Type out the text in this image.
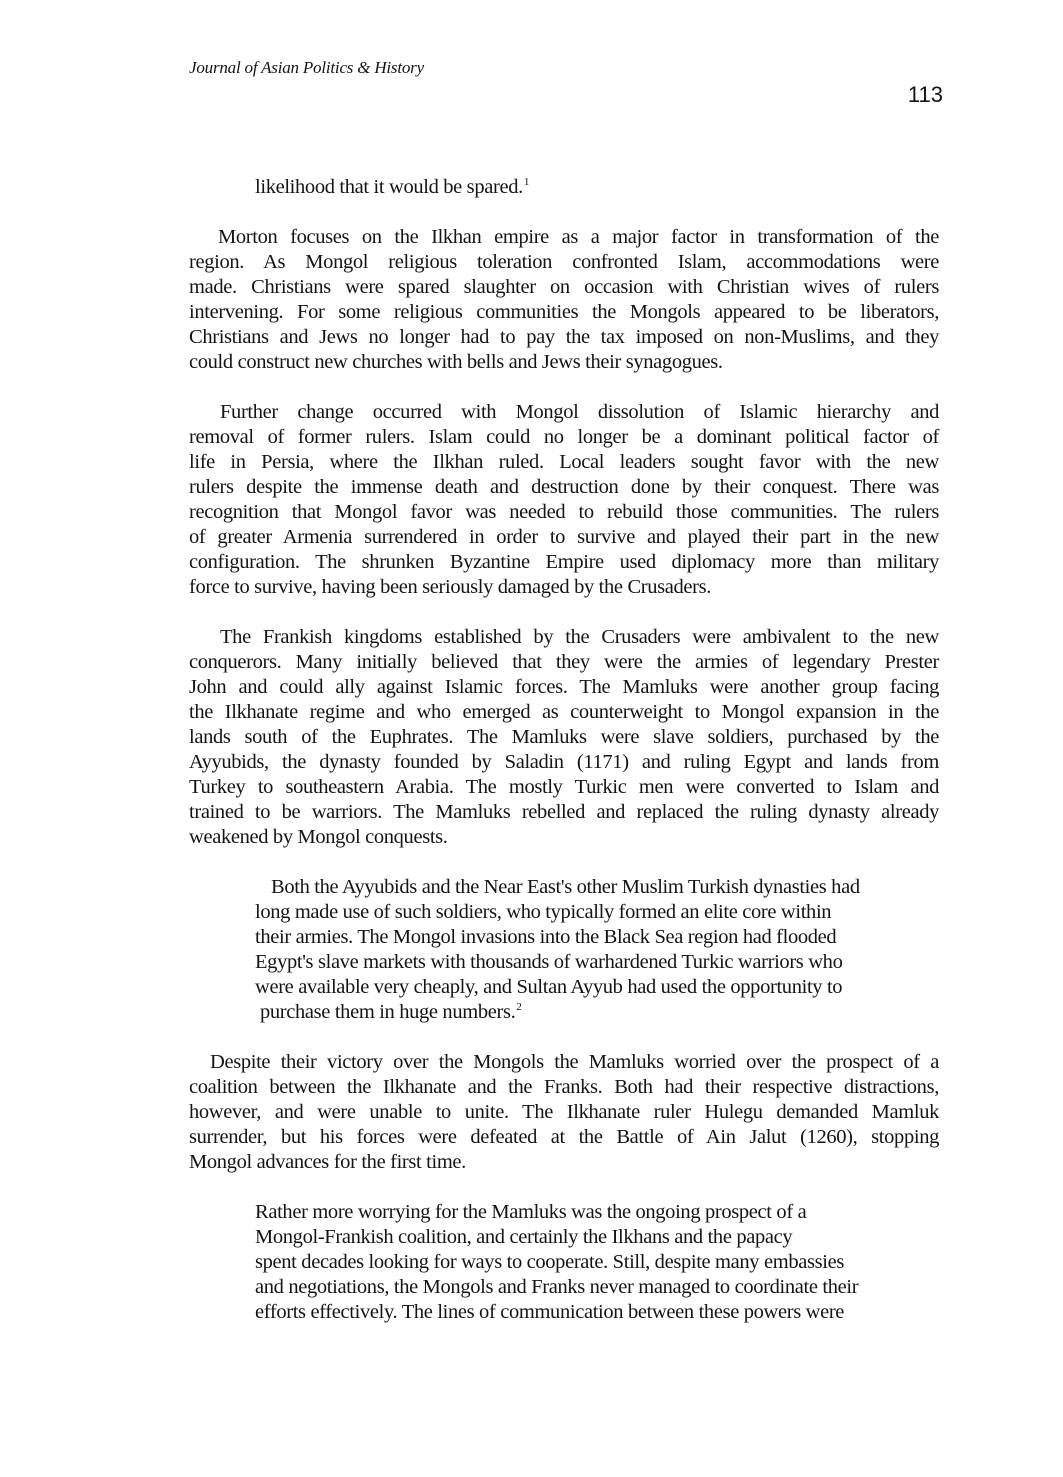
Journal of Asian Politics & History
113
likelihood that it would be spared.$^1$
Morton focuses on the Ilkhan empire as a major factor in transformation of the
region. As Mongol religious toleration confronted Islam, accommodations were
made. Christians were spared slaughter on occasion with Christian wives of rulers
intervening. For some religious communities the Mongols appeared to be liberators,
Christians and Jews no longer had to pay the tax imposed on non-Muslims, and they
could construct new churches with bells and Jews their synagogues.
Further change occurred with Mongol dissolution of Islamic hierarchy and
removal of former rulers. Islam could no longer be a dominant political factor of
life in Persia, where the Ilkhan ruled. Local leaders sought favor with the new
rulers despite the immense death and destruction done by their conquest. There was
recognition that Mongol favor was needed to rebuild those communities. The rulers
of greater Armenia surrendered in order to survive and played their part in the new
configuration. The shrunken Byzantine Empire used diplomacy more than military
force to survive, having been seriously damaged by the Crusaders.
The Frankish kingdoms established by the Crusaders were ambivalent to the new
conquerors. Many initially believed that they were the armies of legendary Prester
John and could ally against Islamic forces. The Mamluks were another group facing
the Ilkhanate regime and who emerged as counterweight to Mongol expansion in the
lands south of the Euphrates. The Mamluks were slave soldiers, purchased by the
Ayyubids, the dynasty founded by Saladin (1171) and ruling Egypt and lands from
Turkey to southeastern Arabia. The mostly Turkic men were converted to Islam and
trained to be warriors. The Mamluks rebelled and replaced the ruling dynasty already
weakened by Mongol conquests.
Both the Ayyubids and the Near East's other Muslim Turkish dynasties had
long made use of such soldiers, who typically formed an elite core within
their armies. The Mongol invasions into the Black Sea region had flooded
Egypt's slave markets with thousands of warhardened Turkic warriors who
were available very cheaply, and Sultan Ayyub had used the opportunity to
purchase them in huge numbers.$^2$
Despite their victory over the Mongols the Mamluks worried over the prospect of a
coalition between the Ilkhanate and the Franks. Both had their respective distractions,
however, and were unable to unite. The Ilkhanate ruler Hulegu demanded Mamluk
surrender, but his forces were defeated at the Battle of Ain Jalut (1260), stopping
Mongol advances for the first time.
Rather more worrying for the Mamluks was the ongoing prospect of a
Mongol-Frankish coalition, and certainly the Ilkhans and the papacy
spent decades looking for ways to cooperate. Still, despite many embassies
and negotiations, the Mongols and Franks never managed to coordinate their
efforts effectively. The lines of communication between these powers were
